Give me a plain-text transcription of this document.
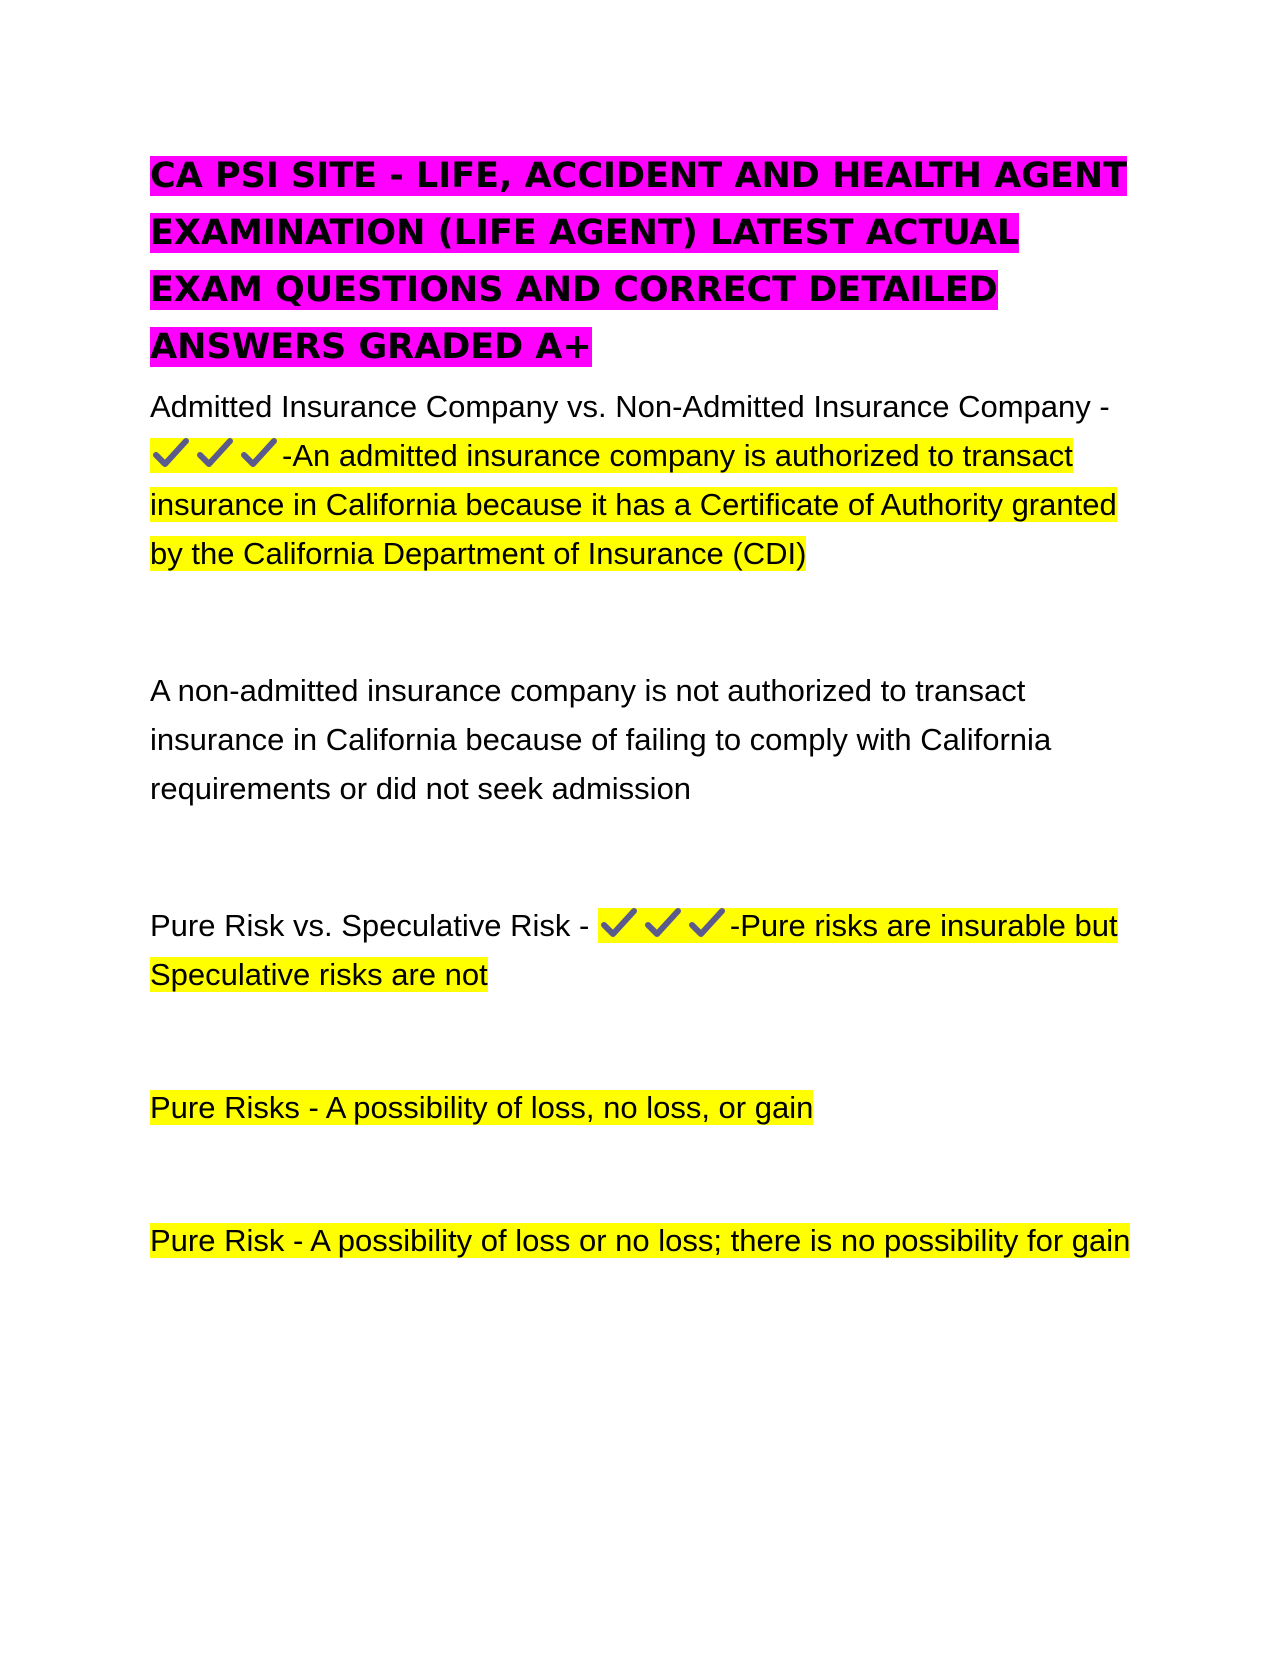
CA PSI SITE - LIFE, ACCIDENT AND HEALTH AGENT EXAMINATION (LIFE AGENT) LATEST ACTUAL EXAM QUESTIONS AND CORRECT DETAILED ANSWERS GRADED A+

Admitted Insurance Company vs. Non-Admitted Insurance Company -
-An admitted insurance company is authorized to transact insurance in California because it has a Certificate of Authority granted by the California Department of Insurance (CDI)

A non-admitted insurance company is not authorized to transact insurance in California because of failing to comply with California requirements or did not seek admission

Pure Risk vs. Speculative Risk -	-Pure risks are insurable but Speculative risks are not

Pure Risks - A possibility of loss, no loss, or gain

Pure Risk - A possibility of loss or no loss; there is no possibility for gain
